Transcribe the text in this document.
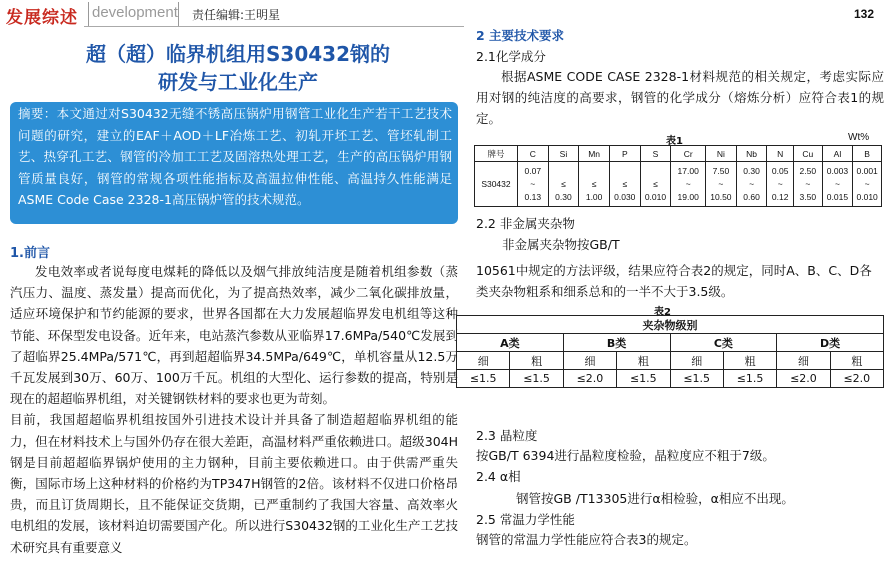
发展综述 development 责任编辑:王明星	132
超（超）临界机组用S30432钢的
研发与工业化生产
摘要：本文通过对S30432无缝不锈高压锅炉用钢管工业化生产若干工艺技术问题的研究，建立的EAF＋AOD＋LF冶炼工艺、初轧开坯工艺、管坯轧制工艺、热穿孔工艺、钢管的冷加工工艺及固溶热处理工艺，生产的高压锅炉用钢管质量良好，钢管的常规各项性能指标及高温拉伸性能、高温持久性能满足ASME Code Case 2328-1高压锅炉管的技术规范。
1.前言

发电效率或者说每度电煤耗的降低以及烟气排放纯洁度是随着机组参数（蒸汽压力、温度、蒸发量）提高而优化，为了提高热效率，减少二氧化碳排放量，适应环境保护和节约能源的要求，世界各国都在大力发展超临界发电机组等这种节能、环保型发电设备。近年来，电站蒸汽参数从亚临界17.6MPa/540℃发展到了超临界25.4MPa/571℃，再到超超临界34.5MPa/649℃，单机容量从12.5万千瓦发展到30万、60万、100万千瓦。机组的大型化、运行参数的提高，特别是现在的超超临界机组，对关键钢铁材料的要求也更为苛刻。

目前，我国超超临界机组按国外引进技术设计并具备了制造超超临界机组的能力，但在材料技术上与国外仍存在很大差距，高温材料严重依赖进口。超级304H钢是目前超超临界锅炉使用的主力钢种，目前主要依赖进口。由于供需严重失衡，国际市场上这种材料的价格约为TP347H钢管的2倍。该材料不仅进口价格昂贵，而且订货周期长，且不能保证交货期，已严重制约了我国大容量、高效率火电机组的发展，该材料迫切需要国产化。所以进行S30432钢的工业化生产工艺技术研究具有重要意义

2 主要技术要求
2.1化学成分
根据ASME CODE CASE 2328-1材料规范的相关规定，考虑实际应用对钢的纯洁度的高要求，钢管的化学成分（熔炼分析）应符合表1的规定。
表1	Wt%
牌号	C	Si	Mn	P	S	Cr	Ni	Nb	N	Cu	Al	B
S30432	0.07
~
0.13	≤
0.30	≤
1.00	≤
0.030	≤
0.010	17.00
~
19.00	7.50
~
10.50	0.30
~
0.60	0.05
~
0.12	2.50
~
3.50	0.003
~
0.015	0.001
~
0.010
2.2 非金属夹杂物
非金属夹杂物按GB/T
10561中规定的方法评级，结果应符合表2的规定，同时A、B、C、D各类夹杂物粗系和细系总和的一半不大于3.5级。
表2
夹杂物级别							
A类		B类		C类		D类	
细	粗	细	粗	细	粗	细	粗
≤1.5	≤1.5	≤2.0	≤1.5	≤1.5	≤1.5	≤2.0	≤2.0
2.3 晶粒度
按GB/T 6394进行晶粒度检验，晶粒度应不粗于7级。
2.4 α相
钢管按GB /T13305进行α相检验，α相应不出现。
2.5 常温力学性能
钢管的常温力学性能应符合表3的规定。
